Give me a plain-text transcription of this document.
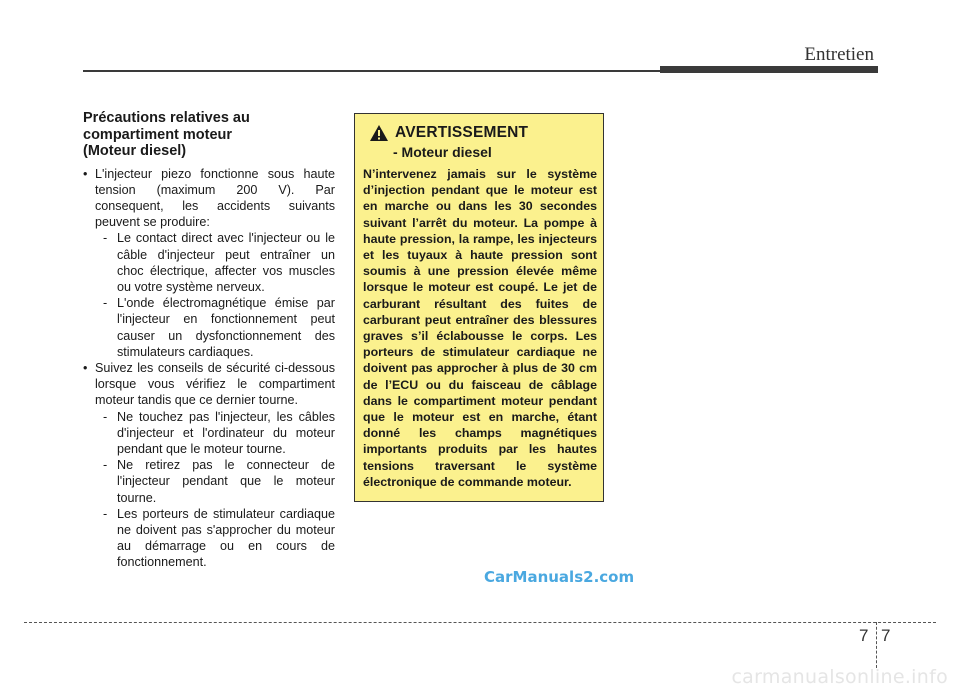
Entretien
Précautions relatives au
compartiment moteur
(Moteur diesel)
• L'injecteur piezo fonctionne sous haute tension (maximum 200 V). Par consequent, les accidents suivants peuvent se produire:
- Le contact direct avec l'injecteur ou le câble d'injecteur peut entraîner un choc électrique, affecter vos muscles ou votre système nerveux.
- L'onde électromagnétique émise par l'injecteur en fonctionnement peut causer un dysfonctionnement des stimulateurs cardiaques.
• Suivez les conseils de sécurité ci-dessous lorsque vous vérifiez le compartiment moteur tandis que ce dernier tourne.
- Ne touchez pas l'injecteur, les câbles d'injecteur et l'ordinateur du moteur pendant que le moteur tourne.
- Ne retirez pas le connecteur de l'injecteur pendant que le moteur tourne.
- Les porteurs de stimulateur cardiaque ne doivent pas s'approcher du moteur au démarrage ou en cours de fonctionnement.
AVERTISSEMENT
- Moteur diesel
N’intervenez jamais sur le système d’injection pendant que le moteur est en marche ou dans les 30 secondes suivant l’arrêt du moteur. La pompe à haute pression, la rampe, les injecteurs et les tuyaux à haute pression sont soumis à une pression élevée même lorsque le moteur est coupé. Le jet de carburant résultant des fuites de carburant peut entraîner des blessures graves s’il éclabousse le corps. Les porteurs de stimulateur cardiaque ne doivent pas approcher à plus de 30 cm de l’ECU ou du faisceau de câblage dans le compartiment moteur pendant que le moteur est en marche, étant donné les champs magnétiques importants produits par les hautes tensions traversant le système électronique de commande moteur.
CarManuals2.com
7 7
carmanualsonline.info
